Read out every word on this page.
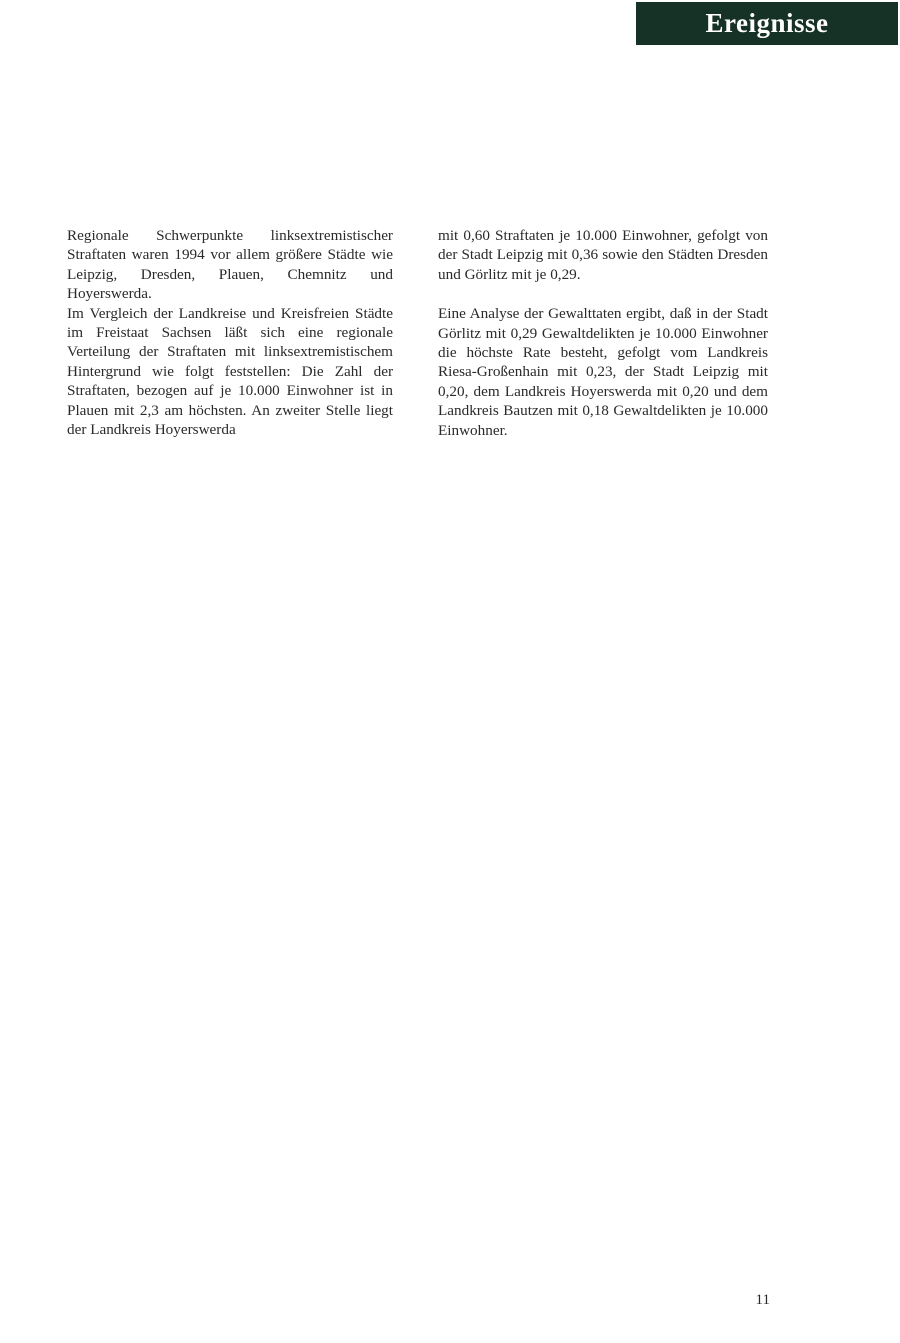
Ereignisse

Regionale Schwerpunkte linksextremistischer Straftaten waren 1994 vor allem größere Städte wie Leipzig, Dresden, Plauen, Chemnitz und Hoyerswerda.

Im Vergleich der Landkreise und Kreisfreien Städte im Freistaat Sachsen läßt sich eine regionale Verteilung der Straftaten mit linksextremistischem Hintergrund wie folgt feststellen: Die Zahl der Straftaten, bezogen auf je 10.000 Einwohner ist in Plauen mit 2,3 am höchsten. An zweiter Stelle liegt der Landkreis Hoyerswerda

mit 0,60 Straftaten je 10.000 Einwohner, gefolgt von der Stadt Leipzig mit 0,36 sowie den Städten Dresden und Görlitz mit je 0,29.

Eine Analyse der Gewalttaten ergibt, daß in der Stadt Görlitz mit 0,29 Gewaltdelikten je 10.000 Einwohner die höchste Rate besteht, gefolgt vom Landkreis Riesa-Großenhain mit 0,23, der Stadt Leipzig mit 0,20, dem Landkreis Hoyerswerda mit 0,20 und dem Landkreis Bautzen mit 0,18 Gewaltdelikten je 10.000 Einwohner.

11
